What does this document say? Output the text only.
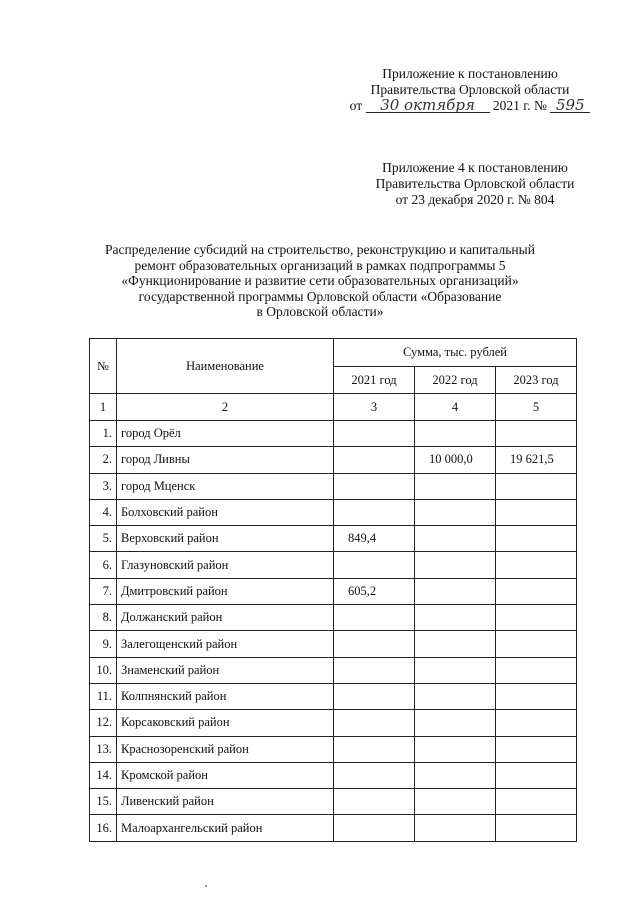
Приложение к постановлению
Правительства Орловской области
от
	30 октября
	2021 г. №
595
Приложение 4 к постановлению
Правительства Орловской области
от 23 декабря 2020 г. № 804
Распределение субсидий на строительство, реконструкцию и капитальный
ремонт образовательных организаций в рамках подпрограммы 5
«Функционирование и развитие сети образовательных организаций»
государственной программы Орловской области «Образование
в Орловской области»
№	Наименование	Сумма, тыс. рублей		
		2021 год	2022 год	2023 год
1	2	3	4	5
1.	город Орёл			
2.	город Ливны		10 000,0	19 621,5
3.	город Мценск			
4.	Болховский район			
5.	Верховский район	849,4		
6.	Глазуновский район			
7.	Дмитровский район	605,2		
8.	Должанский район			
9.	Залегощенский район			
10.	Знаменский район			
11.	Колпнянский район			
12.	Корсаковский район			
13.	Краснозоренский район			
14.	Кромской район			
15.	Ливенский район			
16.	Малоархангельский район			
